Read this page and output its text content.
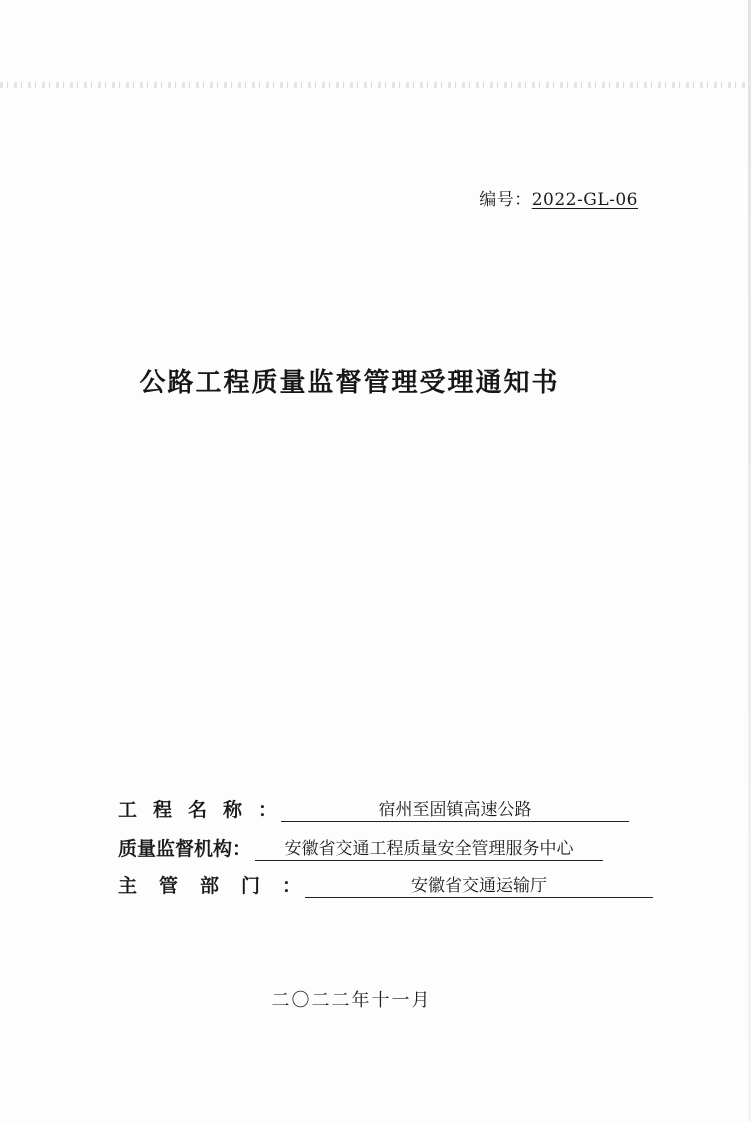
编号：2022-GL-06
公路工程质量监督管理受理通知书
工程名称：	宿州至固镇高速公路
质量监督机构：	安徽省交通工程质量安全管理服务中心
主管部门：	安徽省交通运输厅
二〇二二年十一月
